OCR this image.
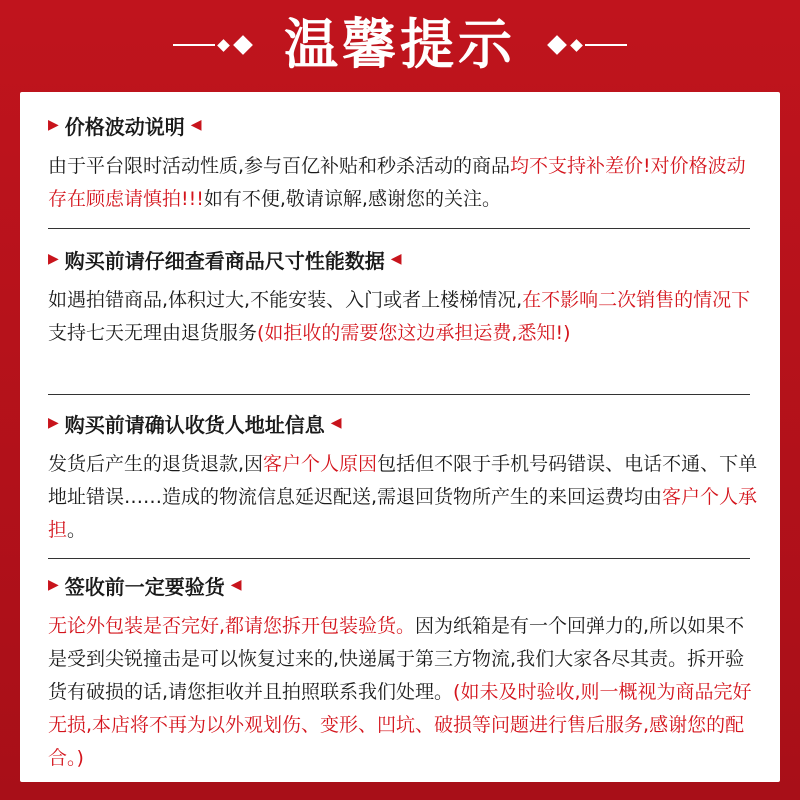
温馨提示
▶ 价格波动说明 ◀
由于平台限时活动性质,参与百亿补贴和秒杀活动的商品均不支持补差价!对价格波动存在顾虑请慎拍!!!如有不便,敬请谅解,感谢您的关注。
▶ 购买前请仔细查看商品尺寸性能数据 ◀
如遇拍错商品,体积过大,不能安装、入门或者上楼梯情况,在不影响二次销售的情况下支持七天无理由退货服务(如拒收的需要您这边承担运费,悉知!)
▶ 购买前请确认收货人地址信息 ◀
发货后产生的退货退款,因客户个人原因包括但不限于手机号码错误、电话不通、下单地址错误……造成的物流信息延迟配送,需退回货物所产生的来回运费均由客户个人承担。
▶ 签收前一定要验货 ◀
无论外包装是否完好,都请您拆开包装验货。因为纸箱是有一个回弹力的,所以如果不是受到尖锐撞击是可以恢复过来的,快递属于第三方物流,我们大家各尽其责。拆开验货有破损的话,请您拒收并且拍照联系我们处理。(如未及时验收,则一概视为商品完好无损,本店将不再为以外观划伤、变形、凹坑、破损等问题进行售后服务,感谢您的配合。)
